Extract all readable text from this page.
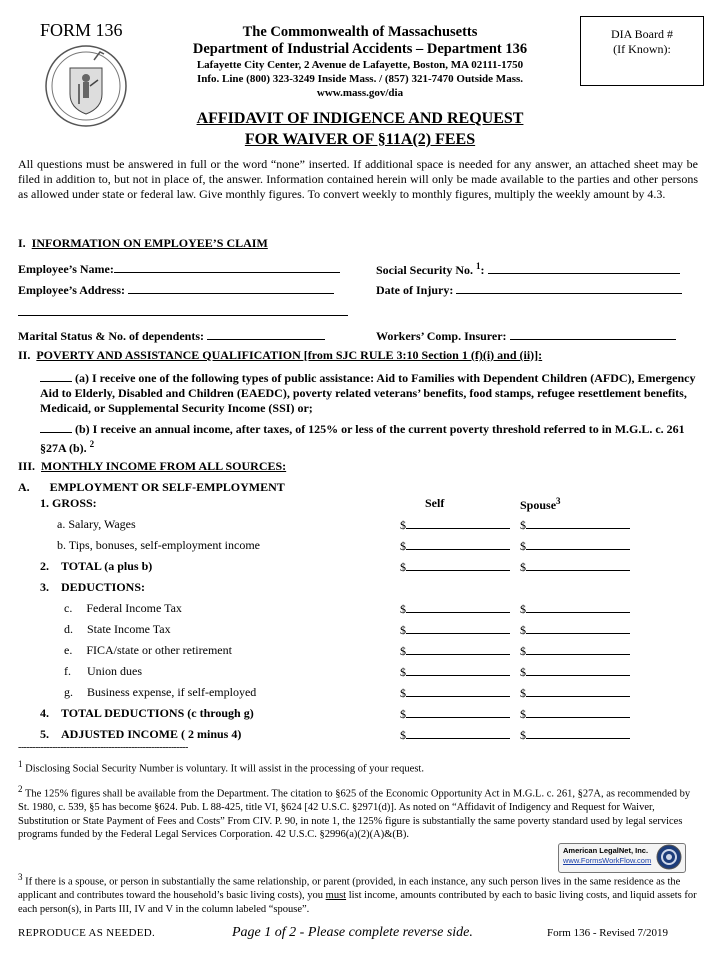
FORM 136	The Commonwealth of Massachusetts
Department of Industrial Accidents – Department 136
Lafayette City Center, 2 Avenue de Lafayette, Boston, MA 02111-1750
Info. Line (800) 323-3249 Inside Mass. / (857) 321-7470 Outside Mass.
www.mass.gov/dia
DIA Board #
(If Known):
AFFIDAVIT OF INDIGENCE AND REQUEST
FOR WAIVER OF §11A(2) FEES
All questions must be answered in full or the word “none” inserted. If additional space is needed for any answer, an attached sheet may be filed in addition to, but not in place of, the answer. Information contained herein will only be made available to the parties and other persons as allowed under state or federal law. Give monthly figures. To convert weekly to monthly figures, multiply the weekly amount by 4.3.
I. INFORMATION ON EMPLOYEE’S CLAIM
Employee’s Name:	Social Security No. $^1$:
Employee’s Address:	Date of Injury:
Marital Status & No. of dependents:	Workers’ Comp. Insurer:
II. POVERTY AND ASSISTANCE QUALIFICATION [from SJC RULE 3:10 Section 1 (f)(i) and (ii)]:
(a) I receive one of the following types of public assistance: Aid to Families with Dependent Children (AFDC), Emergency Aid to Elderly, Disabled and Children (EAEDC), poverty related veterans’ benefits, food stamps, refugee resettlement benefits, Medicaid, or Supplemental Security Income (SSI) or;
(b) I receive an annual income, after taxes, of 125% or less of the current poverty threshold referred to in M.G.L. c. 261 §27A (b). $^2$
III. MONTHLY INCOME FROM ALL SOURCES:
A. EMPLOYMENT OR SELF-EMPLOYMENT
1. GROSS:	Self	Spouse$^3$
a. Salary, Wages	$	$
b. Tips, bonuses, self-employment income	$	$
2. TOTAL (a plus b)	$	$
3. DEDUCTIONS:
c. Federal Income Tax	$	$
d. State Income Tax	$	$
e. FICA/state or other retirement	$	$
f. Union dues	$	$
g. Business expense, if self-employed	$	$
4. TOTAL DEDUCTIONS (c through g)	$	$
5. ADJUSTED INCOME ( 2 minus 4)	$	$
------------------------------------------------------------
1 Disclosing Social Security Number is voluntary. It will assist in the processing of your request.
2 The 125% figures shall be available from the Department. The citation to §625 of the Economic Opportunity Act in M.G.L. c. 261, §27A, as recommended by St. 1980, c. 539, §5 has become §624. Pub. L 88-425, title VI, §624 [42 U.S.C. §2971(d)]. As noted on “Affidavit of Indigency and Request for Waiver, Substitution or State Payment of Fees and Costs” From CIV. P. 90, in note 1, the 125% figure is substantially the same poverty standard used by legal services programs funded by the Federal Legal Services Corporation. 42 U.S.C. §2996(a)(2)(A)&(B).
American LegalNet, Inc.
www.FormsWorkFlow.com
3 If there is a spouse, or person in substantially the same relationship, or parent (provided, in each instance, any such person lives in the same residence as the applicant and contributes toward the household’s basic living costs), you must list income, amounts contributed by each to basic living costs, and liquid assets for each person(s), in Parts III, IV and V in the column labeled “spouse”.
REPRODUCE AS NEEDED.	Page 1 of 2 - Please complete reverse side.	Form 136 - Revised 7/2019
